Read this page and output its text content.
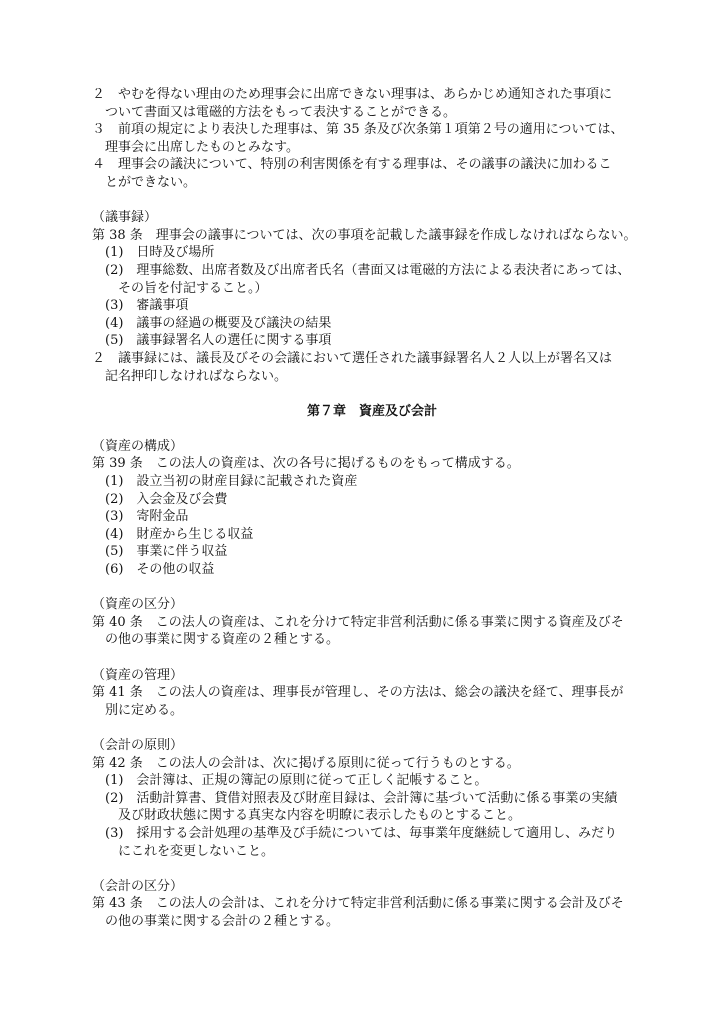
２　やむを得ない理由のため理事会に出席できない理事は、あらかじめ通知された事項に
ついて書面又は電磁的方法をもって表決することができる。
３　前項の規定により表決した理事は、第 35 条及び次条第１項第２号の適用については、
理事会に出席したものとみなす。
４　理事会の議決について、特別の利害関係を有する理事は、その議事の議決に加わるこ
とができない。
（議事録）
第 38 条　理事会の議事については、次の事項を記載した議事録を作成しなければならない。
(1)　日時及び場所
(2)　理事総数、出席者数及び出席者氏名（書面又は電磁的方法による表決者にあっては、
その旨を付記すること。）
(3)　審議事項
(4)　議事の経過の概要及び議決の結果
(5)　議事録署名人の選任に関する事項
２　議事録には、議長及びその会議において選任された議事録署名人２人以上が署名又は
記名押印しなければならない。
第７章　資産及び会計
（資産の構成）
第 39 条　この法人の資産は、次の各号に掲げるものをもって構成する。
(1)　設立当初の財産目録に記載された資産
(2)　入会金及び会費
(3)　寄附金品
(4)　財産から生じる収益
(5)　事業に伴う収益
(6)　その他の収益
（資産の区分）
第 40 条　この法人の資産は、これを分けて特定非営利活動に係る事業に関する資産及びそ
の他の事業に関する資産の２種とする。
（資産の管理）
第 41 条　この法人の資産は、理事長が管理し、その方法は、総会の議決を経て、理事長が
別に定める。
（会計の原則）
第 42 条　この法人の会計は、次に掲げる原則に従って行うものとする。
(1)　会計簿は、正規の簿記の原則に従って正しく記帳すること。
(2)　活動計算書、貸借対照表及び財産目録は、会計簿に基づいて活動に係る事業の実績
及び財政状態に関する真実な内容を明瞭に表示したものとすること。
(3)　採用する会計処理の基準及び手続については、毎事業年度継続して適用し、みだり
にこれを変更しないこと。
（会計の区分）
第 43 条　この法人の会計は、これを分けて特定非営利活動に係る事業に関する会計及びそ
の他の事業に関する会計の２種とする。
